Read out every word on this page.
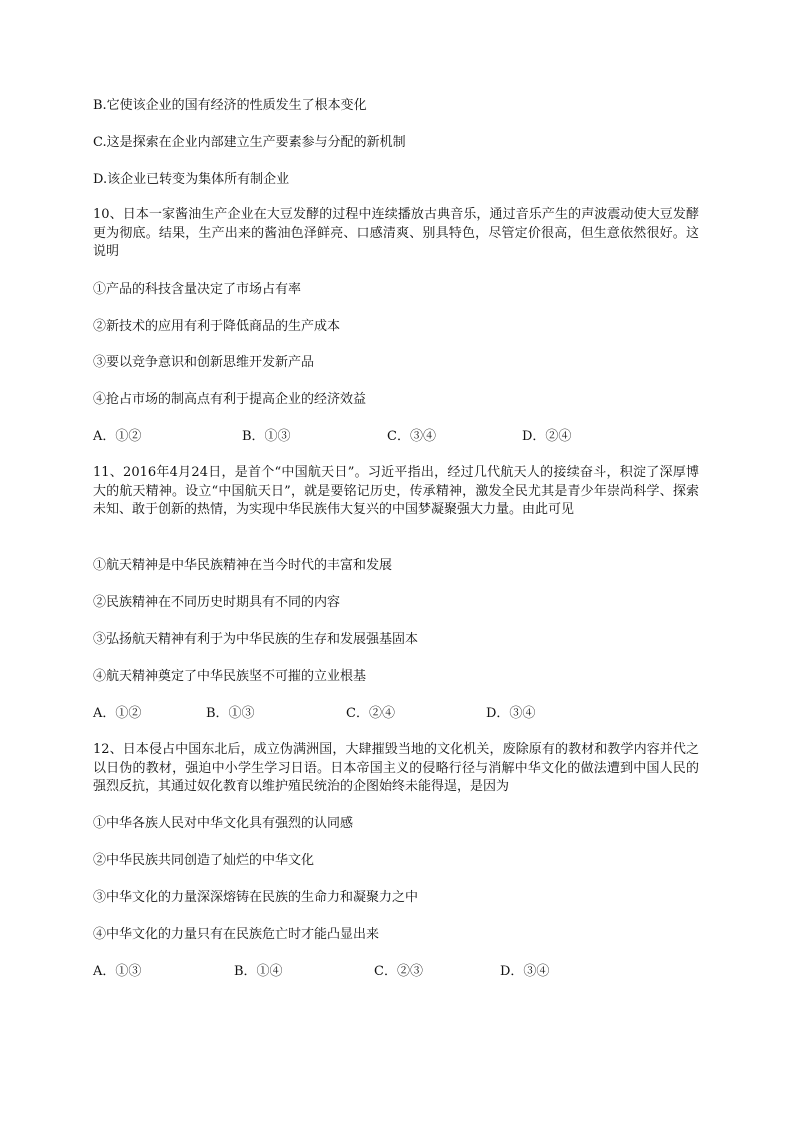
B.它使该企业的国有经济的性质发生了根本变化
C.这是探索在企业内部建立生产要素参与分配的新机制
D.该企业已转变为集体所有制企业
10、日本一家酱油生产企业在大豆发酵的过程中连续播放古典音乐，通过音乐产生的声波震动使大豆发酵更为彻底。结果，生产出来的酱油色泽鲜亮、口感清爽、别具特色，尽管定价很高，但生意依然很好。这说明
①产品的科技含量决定了市场占有率
②新技术的应用有利于降低商品的生产成本
③要以竞争意识和创新思维开发新产品
④抢占市场的制高点有利于提高企业的经济效益
A．①②	B．①③	C．③④	D．②④
11、2016年4月24日，是首个“中国航天日”。习近平指出，经过几代航天人的接续奋斗，积淀了深厚博大的航天精神。设立“中国航天日”，就是要铭记历史，传承精神，激发全民尤其是青少年崇尚科学、探索未知、敢于创新的热情，为实现中华民族伟大复兴的中国梦凝聚强大力量。由此可见
①航天精神是中华民族精神在当今时代的丰富和发展
②民族精神在不同历史时期具有不同的内容
③弘扬航天精神有利于为中华民族的生存和发展强基固本
④航天精神奠定了中华民族坚不可摧的立业根基
A．①②	B．①③	C．②④	D．③④
12、日本侵占中国东北后，成立伪满洲国，大肆摧毁当地的文化机关，废除原有的教材和教学内容并代之以日伪的教材，强迫中小学生学习日语。日本帝国主义的侵略行径与消解中华文化的做法遭到中国人民的强烈反抗，其通过奴化教育以维护殖民统治的企图始终未能得逞，是因为
①中华各族人民对中华文化具有强烈的认同感
②中华民族共同创造了灿烂的中华文化
③中华文化的力量深深熔铸在民族的生命力和凝聚力之中
④中华文化的力量只有在民族危亡时才能凸显出来
A．①③	B．①④	C．②③	D．③④
